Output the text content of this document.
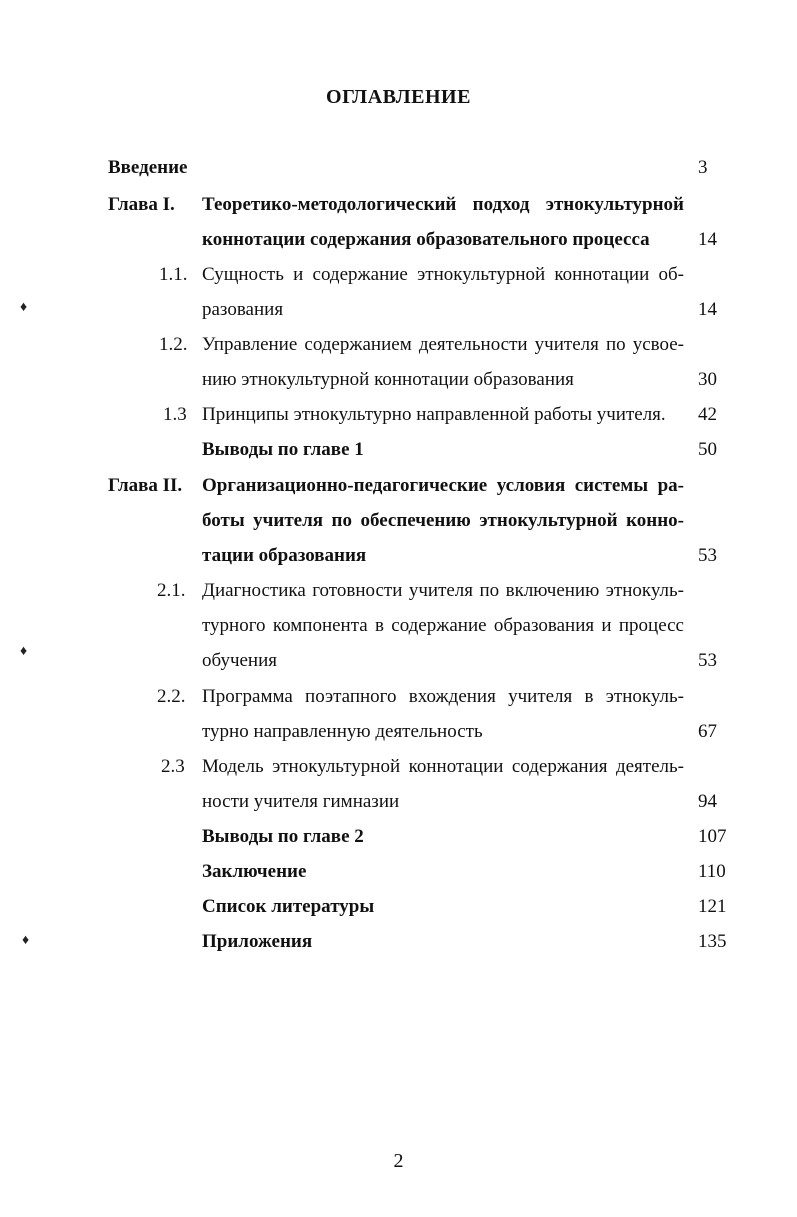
ОГЛАВЛЕНИЕ
Введение	3
Глава I. Теоретико-методологический подход этнокультурной
коннотации содержания образовательного процесса	14
1.1. Сущность и содержание этнокультурной коннотации об-
разования	14
1.2. Управление содержанием деятельности учителя по усвое-
нию этнокультурной коннотации образования	30
1.3 Принципы этнокультурно направленной работы учителя. 42
Выводы по главе 1	50
Глава II. Организационно-педагогические условия системы ра-
боты учителя по обеспечению этнокультурной конно-
тации образования	53
2.1. Диагностика готовности учителя по включению этнокуль-
турного компонента в содержание образования и процесс
обучения	53
2.2. Программа поэтапного вхождения учителя в этнокуль-
турно направленную деятельность	67
2.3 Модель этнокультурной коннотации содержания деятель-
ности учителя гимназии	94
Выводы по главе 2	107
Заключение	110
Список литературы	121
Приложения	135
♦
♦
♦
2
